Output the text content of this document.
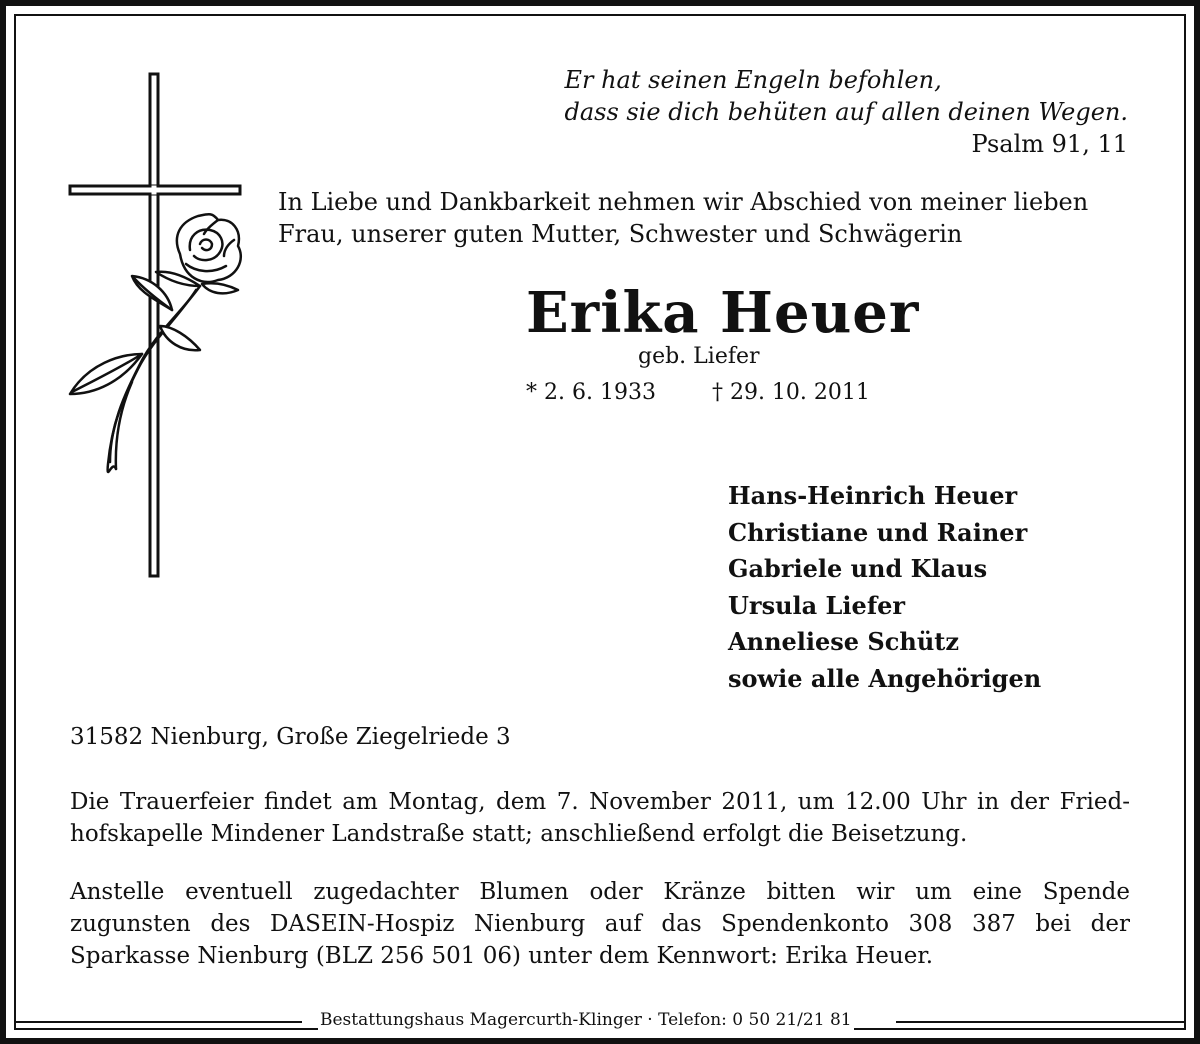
Er hat seinen Engeln befohlen,
dass sie dich behüten auf allen deinen Wegen.
Psalm 91, 11
In Liebe und Dankbarkeit nehmen wir Abschied von meiner lieben
Frau, unserer guten Mutter, Schwester und Schwägerin
Erika Heuer
geb. Liefer
* 2. 6. 1933	† 29. 10. 2011
Hans-Heinrich Heuer
Christiane und Rainer
Gabriele und Klaus
Ursula Liefer
Anneliese Schütz
sowie alle Angehörigen
31582 Nienburg, Große Ziegelriede 3
Die Trauerfeier findet am Montag, dem 7. November 2011, um 12.00 Uhr in der Fried-
hofskapelle Mindener Landstraße statt; anschließend erfolgt die Beisetzung.
Anstelle eventuell zugedachter Blumen oder Kränze bitten wir um eine Spende
zugunsten des DASEIN-Hospiz Nienburg auf das Spendenkonto 308 387 bei der
Sparkasse Nienburg (BLZ 256 501 06) unter dem Kennwort: Erika Heuer.
Bestattungshaus Magercurth-Klinger · Telefon: 0 50 21/21 81
